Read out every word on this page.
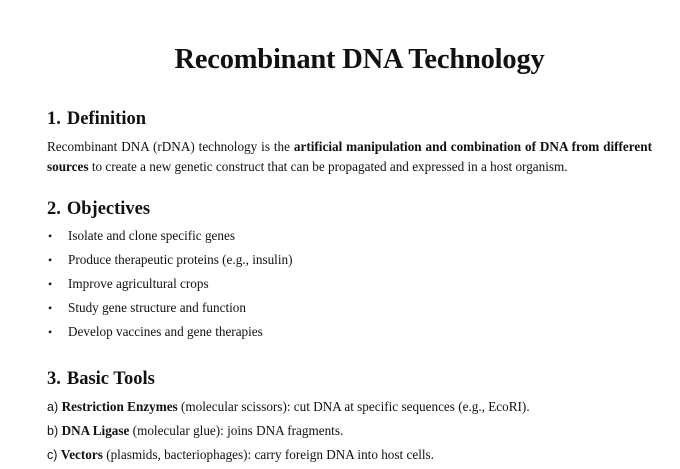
Recombinant DNA Technology
1. Definition

Recombinant DNA (rDNA) technology is the artificial manipulation and combination of DNA from different sources to create a new genetic construct that can be propagated and expressed in a host organism.

2. Objectives
• Isolate and clone specific genes
• Produce therapeutic proteins (e.g., insulin)
• Improve agricultural crops
• Study gene structure and function
• Develop vaccines and gene therapies
3. Basic Tools
a) Restriction Enzymes (molecular scissors): cut DNA at specific sequences (e.g., EcoRI).
b) DNA Ligase (molecular glue): joins DNA fragments.
c) Vectors (plasmids, bacteriophages): carry foreign DNA into host cells.
